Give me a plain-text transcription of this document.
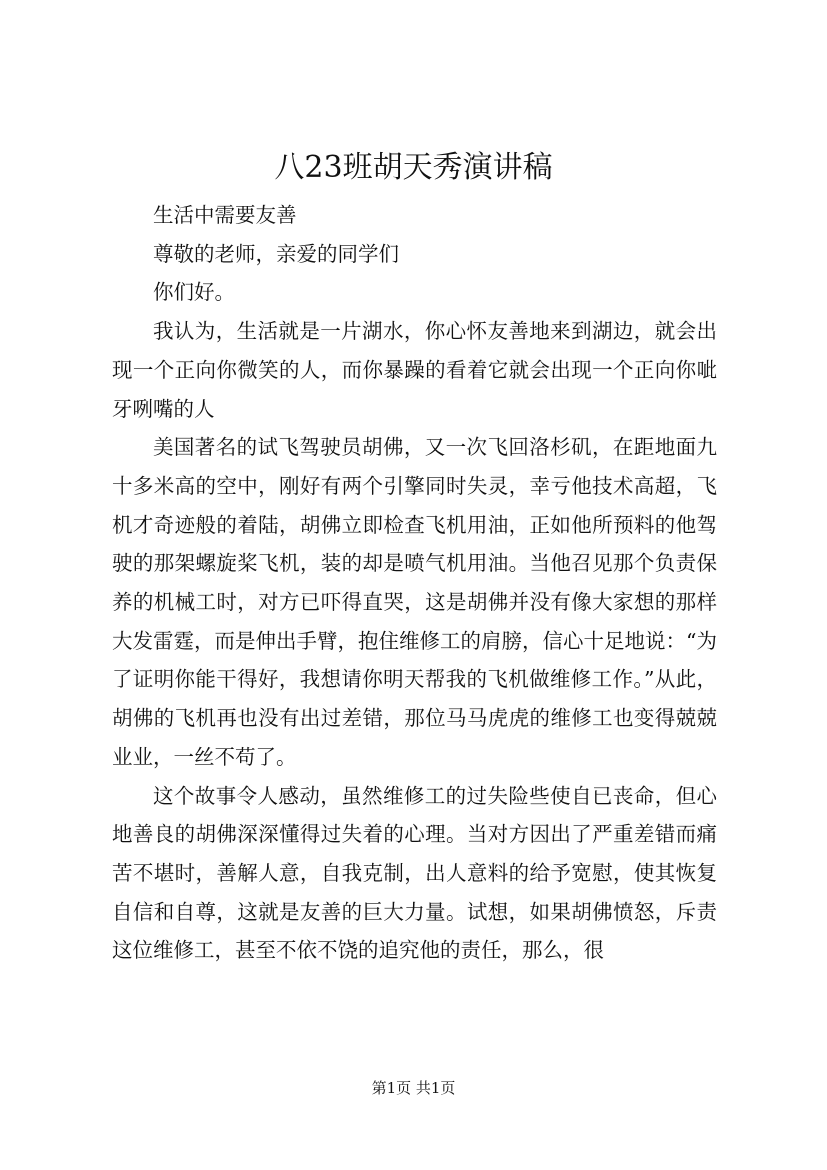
八23班胡天秀演讲稿

生活中需要友善

尊敬的老师，亲爱的同学们

你们好。

我认为，生活就是一片湖水，你心怀友善地来到湖边，就会出现一个正向你微笑的人，而你暴躁的看着它就会出现一个正向你呲牙咧嘴的人

美国著名的试飞驾驶员胡佛，又一次飞回洛杉矶，在距地面九十多米高的空中，刚好有两个引擎同时失灵，幸亏他技术高超，飞机才奇迹般的着陆，胡佛立即检查飞机用油，正如他所预料的他驾驶的那架螺旋桨飞机，装的却是喷气机用油。当他召见那个负责保养的机械工时，对方已吓得直哭，这是胡佛并没有像大家想的那样大发雷霆，而是伸出手臂，抱住维修工的肩膀，信心十足地说：“为了证明你能干得好，我想请你明天帮我的飞机做维修工作。”从此，胡佛的飞机再也没有出过差错，那位马马虎虎的维修工也变得兢兢业业，一丝不苟了。

这个故事令人感动，虽然维修工的过失险些使自已丧命，但心地善良的胡佛深深懂得过失着的心理。当对方因出了严重差错而痛苦不堪时，善解人意，自我克制，出人意料的给予宽慰，使其恢复自信和自尊，这就是友善的巨大力量。试想，如果胡佛愤怒，斥责这位维修工，甚至不依不饶的追究他的责任，那么，很

第1页 共1页
